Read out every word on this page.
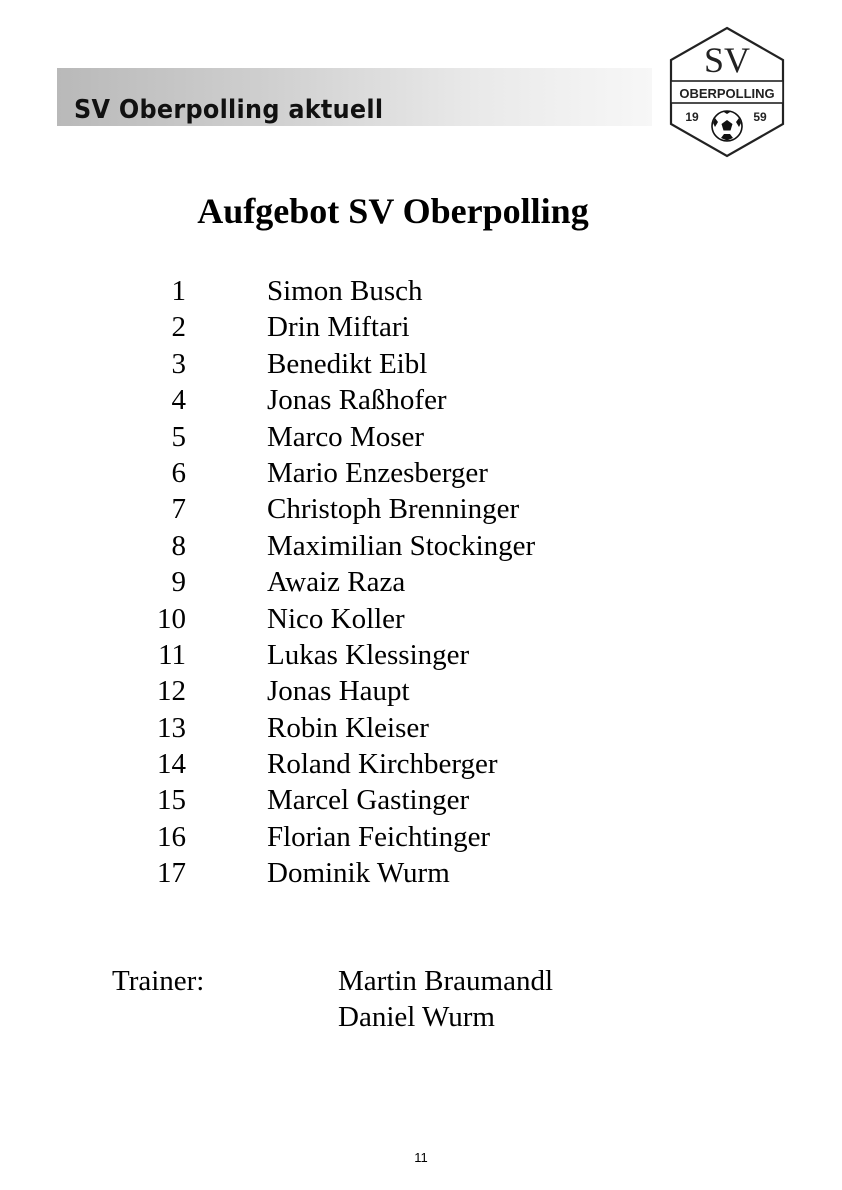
SV Oberpolling aktuell
SV
OBERPOLLING
19	59
Aufgebot SV Oberpolling
1	Simon Busch
2	Drin Miftari
3	Benedikt Eibl
4	Jonas Raßhofer
5	Marco Moser
6	Mario Enzesberger
7	Christoph Brenninger
8	Maximilian Stockinger
9	Awaiz Raza
10	Nico Koller
11	Lukas Klessinger
12	Jonas Haupt
13	Robin Kleiser
14	Roland Kirchberger
15	Marcel Gastinger
16	Florian Feichtinger
17	Dominik Wurm
Trainer:	Martin Braumandl
Daniel Wurm
11
